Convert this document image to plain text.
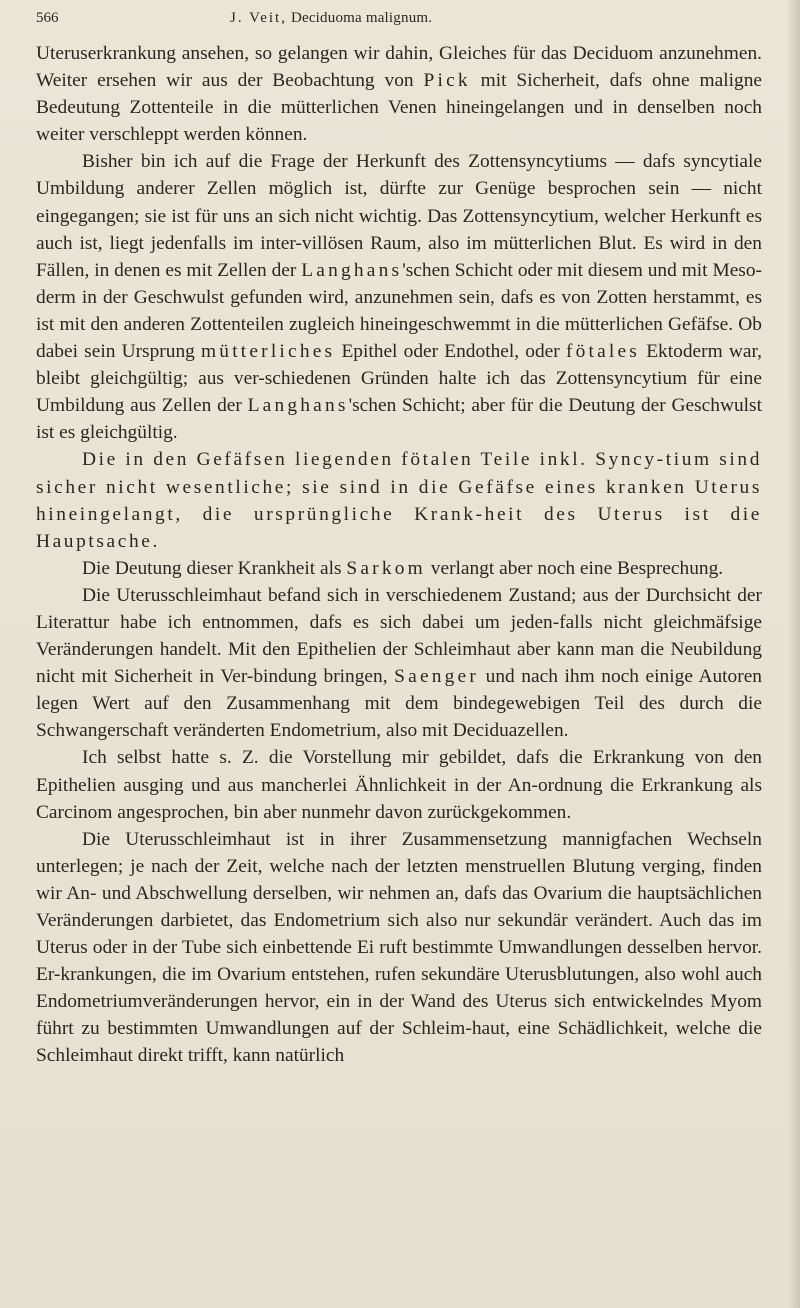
566	J. Veit, Deciduoma malignum.

Uteruserkrankung ansehen, so gelangen wir dahin, Gleiches für das Deciduom anzunehmen. Weiter ersehen wir aus der Beobachtung von Pick mit Sicherheit, dafs ohne maligne Bedeutung Zottenteile in die mütterlichen Venen hineingelangen und in denselben noch weiter verschleppt werden können.

Bisher bin ich auf die Frage der Herkunft des Zottensyncytiums — dafs syncytiale Umbildung anderer Zellen möglich ist, dürfte zur Genüge besprochen sein — nicht eingegangen; sie ist für uns an sich nicht wichtig. Das Zottensyncytium, welcher Herkunft es auch ist, liegt jedenfalls im inter-villösen Raum, also im mütterlichen Blut. Es wird in den Fällen, in denen es mit Zellen der Langhans'schen Schicht oder mit diesem und mit Meso-derm in der Geschwulst gefunden wird, anzunehmen sein, dafs es von Zotten herstammt, es ist mit den anderen Zottenteilen zugleich hineingeschwemmt in die mütterlichen Gefäfse. Ob dabei sein Ursprung mütterliches Epithel oder Endothel, oder fötales Ektoderm war, bleibt gleichgültig; aus ver-schiedenen Gründen halte ich das Zottensyncytium für eine Umbildung aus Zellen der Langhans'schen Schicht; aber für die Deutung der Geschwulst ist es gleichgültig.

Die in den Gefäfsen liegenden fötalen Teile inkl. Syncy-tium sind sicher nicht wesentliche; sie sind in die Gefäfse eines kranken Uterus hineingelangt, die ursprüngliche Krank-heit des Uterus ist die Hauptsache.

Die Deutung dieser Krankheit als Sarkom verlangt aber noch eine Besprechung.

Die Uterusschleimhaut befand sich in verschiedenem Zustand; aus der Durchsicht der Literattur habe ich entnommen, dafs es sich dabei um jeden-falls nicht gleichmäfsige Veränderungen handelt. Mit den Epithelien der Schleimhaut aber kann man die Neubildung nicht mit Sicherheit in Ver-bindung bringen, Saenger und nach ihm noch einige Autoren legen Wert auf den Zusammenhang mit dem bindegewebigen Teil des durch die Schwangerschaft veränderten Endometrium, also mit Deciduazellen.

Ich selbst hatte s. Z. die Vorstellung mir gebildet, dafs die Erkrankung von den Epithelien ausging und aus mancherlei Ähnlichkeit in der An-ordnung die Erkrankung als Carcinom angesprochen, bin aber nunmehr davon zurückgekommen.

Die Uterusschleimhaut ist in ihrer Zusammensetzung mannigfachen Wechseln unterlegen; je nach der Zeit, welche nach der letzten menstruellen Blutung verging, finden wir An- und Abschwellung derselben, wir nehmen an, dafs das Ovarium die hauptsächlichen Veränderungen darbietet, das Endometrium sich also nur sekundär verändert. Auch das im Uterus oder in der Tube sich einbettende Ei ruft bestimmte Umwandlungen desselben hervor. Er-krankungen, die im Ovarium entstehen, rufen sekundäre Uterusblutungen, also wohl auch Endometriumveränderungen hervor, ein in der Wand des Uterus sich entwickelndes Myom führt zu bestimmten Umwandlungen auf der Schleim-haut, eine Schädlichkeit, welche die Schleimhaut direkt trifft, kann natürlich
